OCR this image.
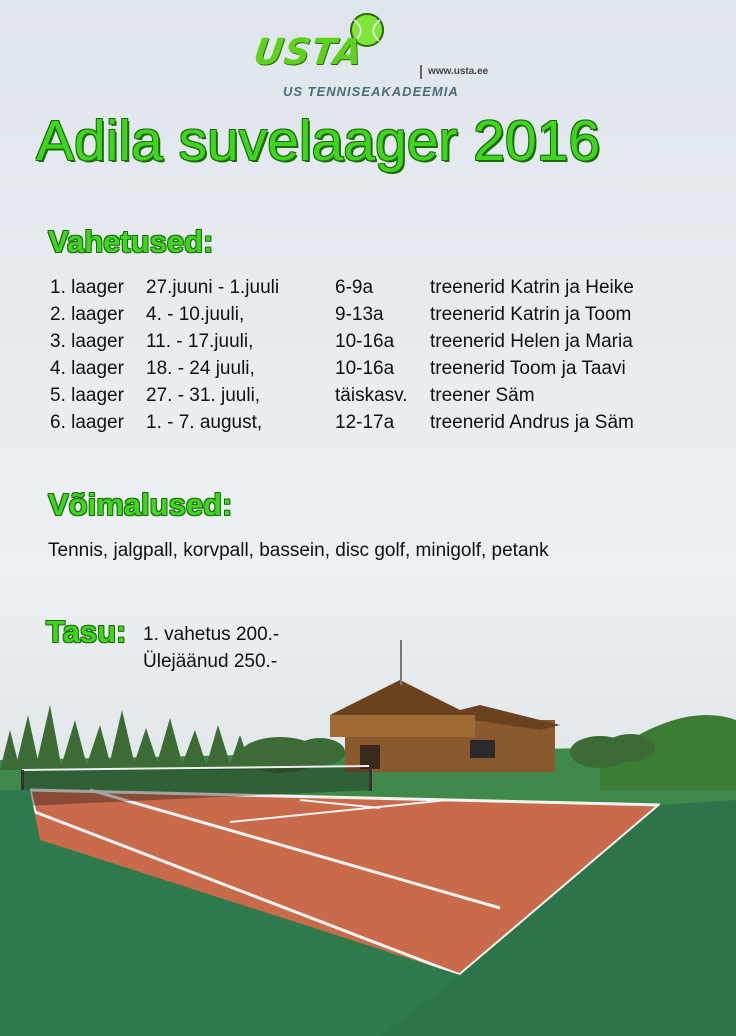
USTA	www.usta.ee
US TENNISEAKADEEMIA
Adila suvelaager 2016
Vahetused:
1. laager 27.juuni - 1.juuli	6-9a	treenerid Katrin ja Heike
2. laager 4. - 10.juuli,	9-13a treenerid Katrin ja Toom
3. laager 11. - 17.juuli,	10-16a treenerid Helen ja Maria
4. laager 18. - 24 juuli,	10-16a treenerid Toom ja Taavi
5. laager 27. - 31. juuli,	täiskasv. treener Säm
6. laager 1. - 7. august,	12-17a treenerid Andrus ja Säm
Võimalused:
Tennis, jalgpall, korvpall, bassein, disc golf, minigolf, petank
Tasu: 1. vahetus 200.-
Ülejäänud 250.-
